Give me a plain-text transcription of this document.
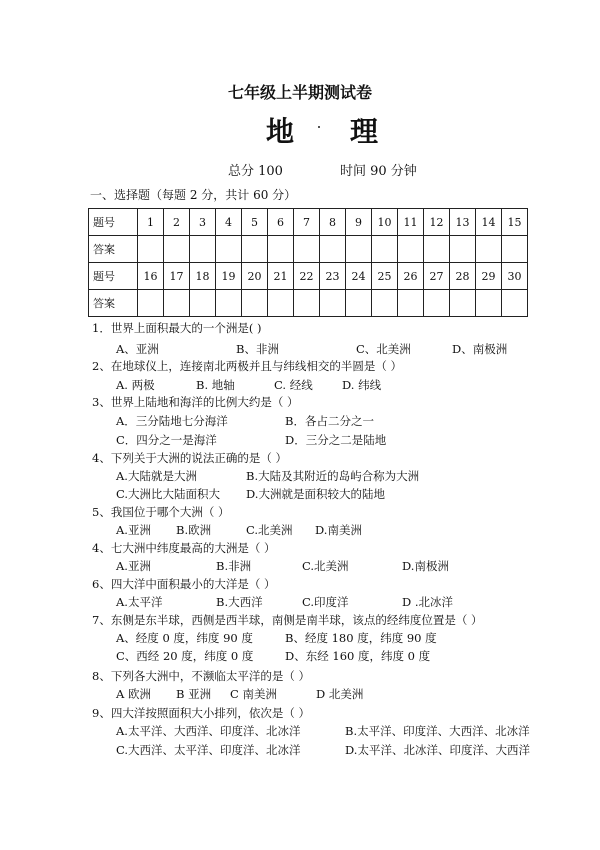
七年级上半期测试卷
地 理
总分 100	时间 90 分钟
一、选择题（每题 2 分，共计 60 分）
题号	1	2	3	4	5	6	7	8	9	10	11	12	13	14	15
答案															
题号	16	17	18	19	20	21	22	23	24	25	26	27	28	29	30
答案															
1．世界上面积最大的一个洲是( )
A、亚洲	B、非洲	C、北美洲	D、南极洲
2、在地球仪上，连接南北两极并且与纬线相交的半圆是（ ）
A. 两极	B. 地轴	C. 经线	D. 纬线
3、世界上陆地和海洋的比例大约是（ ）
A．三分陆地七分海洋	B．各占二分之一
C．四分之一是海洋	D．三分之二是陆地
4、下列关于大洲的说法正确的是（ ）
A.大陆就是大洲	B.大陆及其附近的岛屿合称为大洲
C.大洲比大陆面积大 D.大洲就是面积较大的陆地
5、我国位于哪个大洲（ ）
A.亚洲 B.欧洲	C.北美洲 D.南美洲
4、七大洲中纬度最高的大洲是（ ）
A.亚洲	B.非洲	C.北美洲	D.南极洲
6、四大洋中面积最小的大洋是（ ）
A.太平洋	B.大西洋	C.印度洋	D .北冰洋
7、东侧是东半球，西侧是西半球，南侧是南半球，该点的经纬度位置是（ ）
A、经度 0 度，纬度 90 度	B、经度 180 度，纬度 90 度
C、西经 20 度，纬度 0 度	D、东经 160 度，纬度 0 度
8、下列各大洲中，不濒临太平洋的是（ ）
A 欧洲 B 亚洲 C 南美洲	D 北美洲
9、四大洋按照面积大小排列，依次是（ ）
A.太平洋、大西洋、印度洋、北冰洋	B.太平洋、印度洋、大西洋、北冰洋
C.大西洋、太平洋、印度洋、北冰洋	D.太平洋、北冰洋、印度洋、大西洋
